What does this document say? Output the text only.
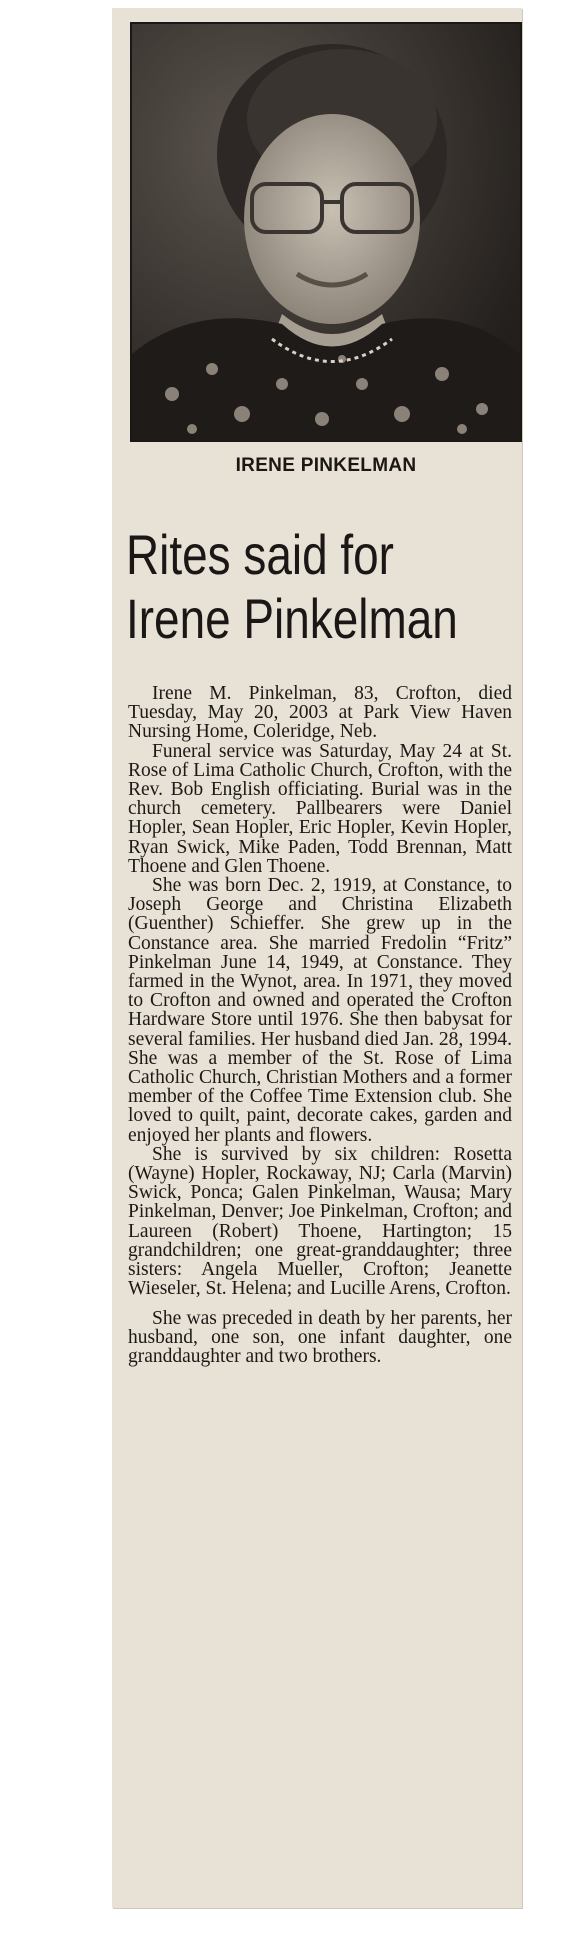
IRENE PINKELMAN
Rites said for
Irene Pinkelman

Irene M. Pinkelman, 83, Crofton, died Tuesday, May 20, 2003 at Park View Haven Nursing Home, Coleridge, Neb.

Funeral service was Saturday, May 24 at St. Rose of Lima Catholic Church, Crofton, with the Rev. Bob English officiating. Burial was in the church cemetery. Pallbearers were Daniel Hopler, Sean Hopler, Eric Hopler, Kevin Hopler, Ryan Swick, Mike Paden, Todd Brennan, Matt Thoene and Glen Thoene.

She was born Dec. 2, 1919, at Constance, to Joseph George and Christina Elizabeth (Guenther) Schieffer. She grew up in the Constance area. She married Fredolin “Fritz” Pinkelman June 14, 1949, at Constance. They farmed in the Wynot, area. In 1971, they moved to Crofton and owned and operated the Crofton Hardware Store until 1976. She then babysat for several families. Her husband died Jan. 28, 1994. She was a member of the St. Rose of Lima Catholic Church, Christian Mothers and a former member of the Coffee Time Extension club. She loved to quilt, paint, decorate cakes, garden and enjoyed her plants and flowers.

She is survived by six children: Rosetta (Wayne) Hopler, Rockaway, NJ; Carla (Marvin) Swick, Ponca; Galen Pinkelman, Wausa; Mary Pinkelman, Denver; Joe Pinkelman, Crofton; and Laureen (Robert) Thoene, Hartington; 15 grandchildren; one great-granddaughter; three sisters: Angela Mueller, Crofton; Jeanette Wieseler, St. Helena; and Lucille Arens, Crofton.

She was preceded in death by her parents, her husband, one son, one infant daughter, one granddaughter and two brothers.
